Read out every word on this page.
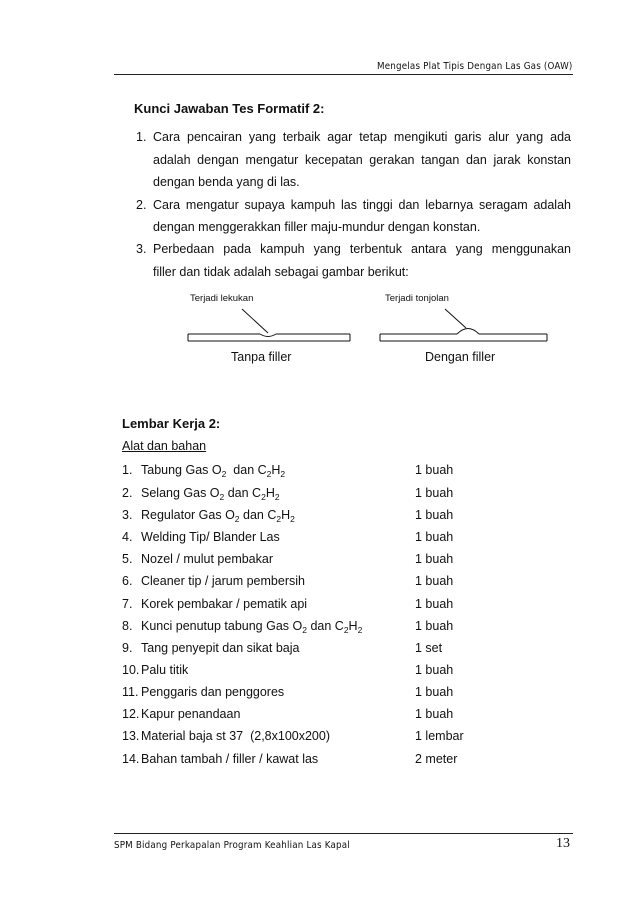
Mengelas Plat Tipis Dengan Las Gas (OAW)
Kunci Jawaban Tes Formatif 2:
1. Cara pencairan yang terbaik agar tetap mengikuti garis alur yang ada
adalah dengan mengatur kecepatan gerakan tangan dan jarak konstan
dengan benda yang di las.
2. Cara mengatur supaya kampuh las tinggi dan lebarnya seragam adalah
dengan menggerakkan filler maju-mundur dengan konstan.
3. Perbedaan pada kampuh yang terbentuk antara yang menggunakan
filler dan tidak adalah sebagai gambar berikut:
Terjadi lekukan	Terjadi tonjolan
Tanpa filler	Dengan filler
Lembar Kerja 2:
Alat dan bahan
1. Tabung Gas $O_2$  dan $C_2H_2$	1 buah
2. Selang Gas $O_2$ dan $C_2H_2$	1 buah
3. Regulator Gas $O_2$ dan $C_2H_2$	1 buah
4. Welding Tip/ Blander Las	1 buah
5. Nozel / mulut pembakar	1 buah
6. Cleaner tip / jarum pembersih	1 buah
7. Korek pembakar / pematik api	1 buah
8. Kunci penutup tabung Gas $O_2$ dan $C_2H_2$	1 buah
9. Tang penyepit dan sikat baja	1 set
10. Palu titik	1 buah
11. Penggaris dan penggores	1 buah
12. Kapur penandaan	1 buah
13. Material baja st 37  (2,8x100x200)	1 lembar
14. Bahan tambah / filler / kawat las	2 meter
SPM Bidang Perkapalan Program Keahlian Las Kapal	13
